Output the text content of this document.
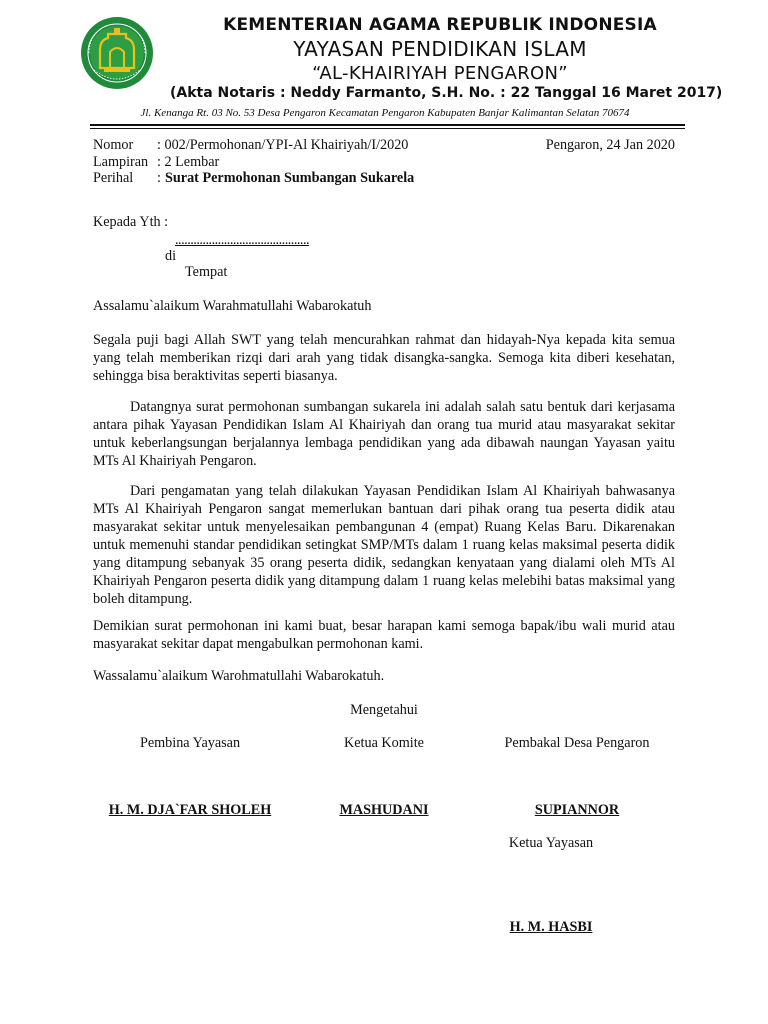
KEMENTERIAN AGAMA REPUBLIK INDONESIA
YAYASAN PENDIDIKAN ISLAM
“AL-KHAIRIYAH PENGARON”
(Akta Notaris : Neddy Farmanto, S.H. No. : 22 Tanggal 16 Maret 2017)
Jl. Kenanga Rt. 03 No. 53 Desa Pengaron Kecamatan Pengaron Kabupaten Banjar Kalimantan Selatan 70674
Nomor : 002/Permohonan/YPI-Al Khairiyah/I/2020	Pengaron, 24 Jan 2020
Lampiran : 2 Lembar
Perihal : Surat Permohonan Sumbangan Sukarela
Kepada Yth :
............................................
di
Tempat
Assalamu`alaikum Warahmatullahi Wabarokatuh

Segala puji bagi Allah SWT yang telah mencurahkan rahmat dan hidayah-Nya kepada kita semua yang telah memberikan rizqi dari arah yang tidak disangka-sangka. Semoga kita diberi kesehatan, sehingga bisa beraktivitas seperti biasanya.

Datangnya surat permohonan sumbangan sukarela ini adalah salah satu bentuk dari kerjasama antara pihak Yayasan Pendidikan Islam Al Khairiyah dan orang tua murid atau masyarakat sekitar untuk keberlangsungan berjalannya lembaga pendidikan yang ada dibawah naungan Yayasan yaitu MTs Al Khairiyah Pengaron.

Dari pengamatan yang telah dilakukan Yayasan Pendidikan Islam Al Khairiyah bahwasanya MTs Al Khairiyah Pengaron sangat memerlukan bantuan dari pihak orang tua peserta didik atau masyarakat sekitar untuk menyelesaikan pembangunan 4 (empat) Ruang Kelas Baru. Dikarenakan untuk memenuhi standar pendidikan setingkat SMP/MTs dalam 1 ruang kelas maksimal peserta didik yang ditampung sebanyak 35 orang peserta didik, sedangkan kenyataan yang dialami oleh MTs Al Khairiyah Pengaron peserta didik yang ditampung dalam 1 ruang kelas melebihi batas maksimal yang boleh ditampung.

Demikian surat permohonan ini kami buat, besar harapan kami semoga bapak/ibu wali murid atau masyarakat sekitar dapat mengabulkan permohonan kami.

Wassalamu`alaikum Warohmatullahi Wabarokatuh.
Mengetahui
Pembina Yayasan	Ketua Komite	Pembakal Desa Pengaron
H. M. DJA`FAR SHOLEH	MASHUDANI	SUPIANNOR
Ketua Yayasan
H. M. HASBI
